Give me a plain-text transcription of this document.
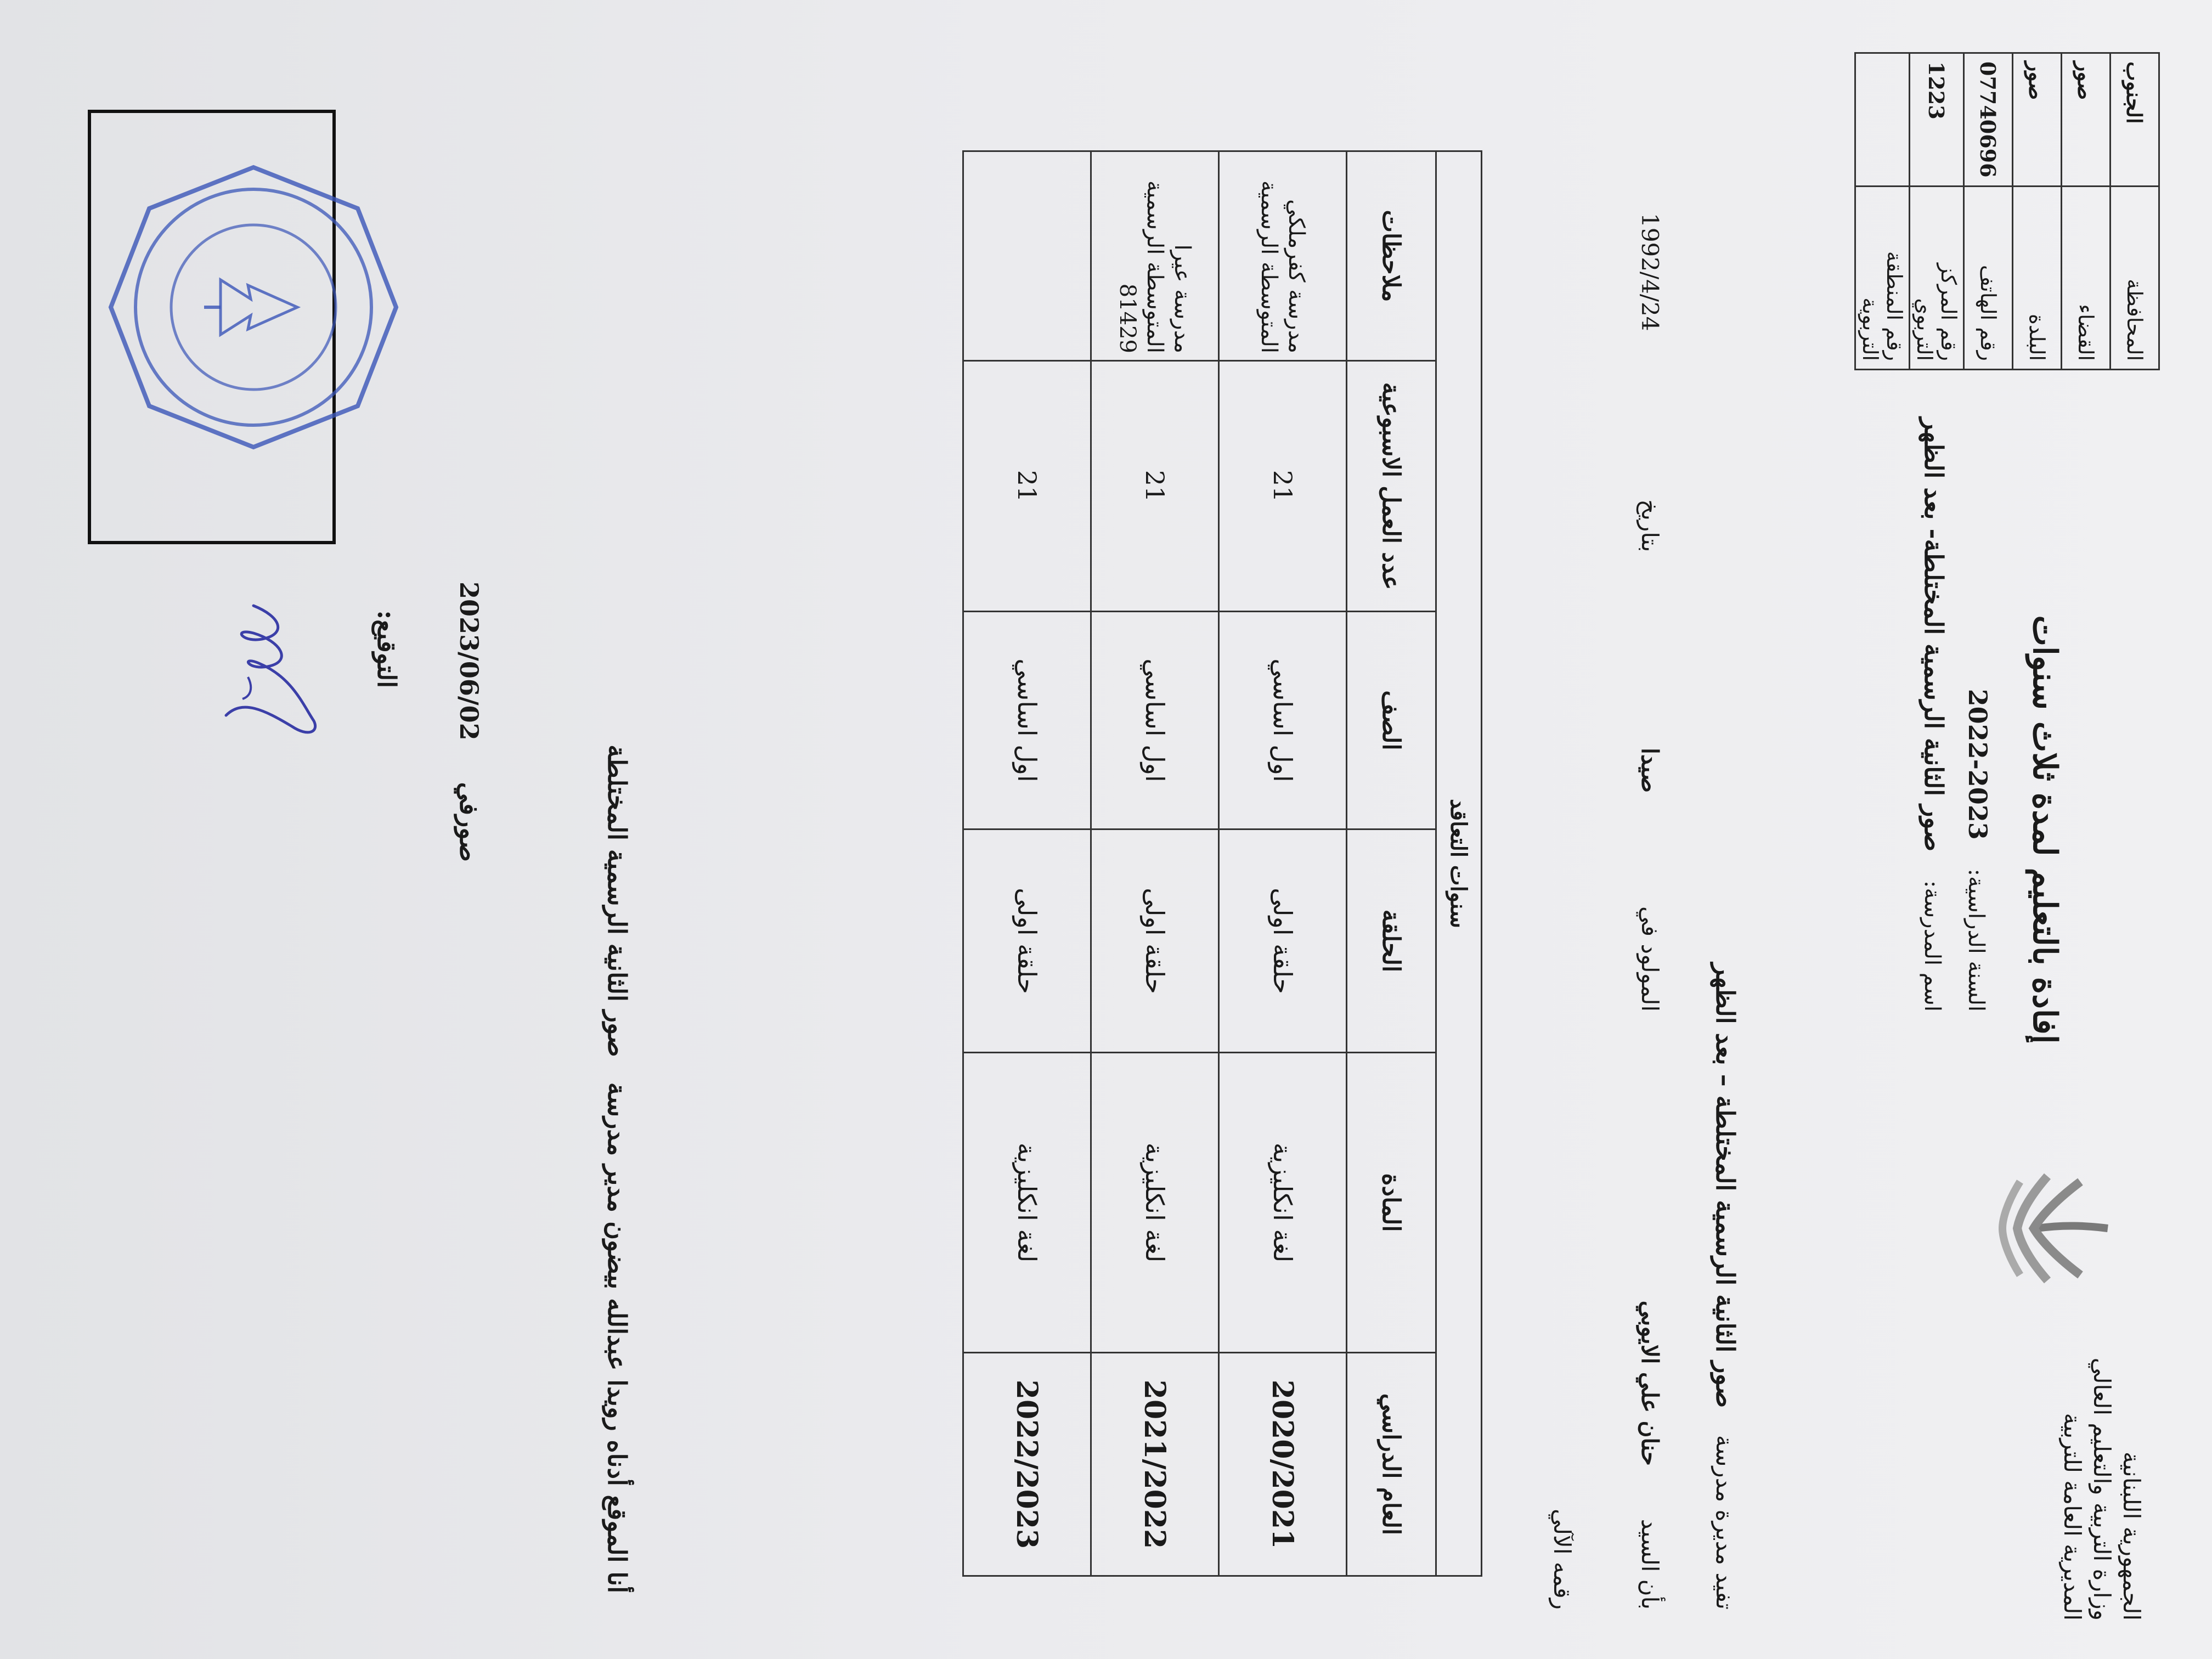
الجمهورية اللبنانية
وزارة التربية والتعليم العالي
المديرية العامة للتربية
المحافظة	الجنوب
القضاء	صور
البلدة	صور
رقم الهاتف	07740696
رقم المركز التربوي	1223
رقم المنطقة التربوية	
إفادة بالتعليم لمدة ثلاث سنوات
السنة الدراسية: 2022-2023
اسم المدرسة: صور الثانية الرسمية المختلطة- بعد الظهر
تفيد مديرة مدرسة صور الثانية الرسمية المختلطة – بعد الظهر
بأن السيد  حنان علي الايوبي  المولود في  صيدا  بتاريخ  1992/4/24
رقمه الآلي
سنوات التعاقد					
العام الدراسي	المادة	الحلقة	الصف	عدد العمل الاسبوعية	ملاحظات
2020/2021	لغة انكليزية	حلقة اولى	اول اساسي	21	مدرسة كفرملكي المتوسطة الرسمية
2021/2022	لغة انكليزية	حلقة اولى	اول اساسي	21	مدرسة عيرا المتوسطة الرسمية 81429
2022/2023	لغة انكليزية	حلقة اولى	اول اساسي	21	
أنا الموقع أدناه رويدا عبدالله بيضون مدير مدرسة صور الثانية الرسمية المختلطة
صورفي 2023/06/02
التوقيع:
